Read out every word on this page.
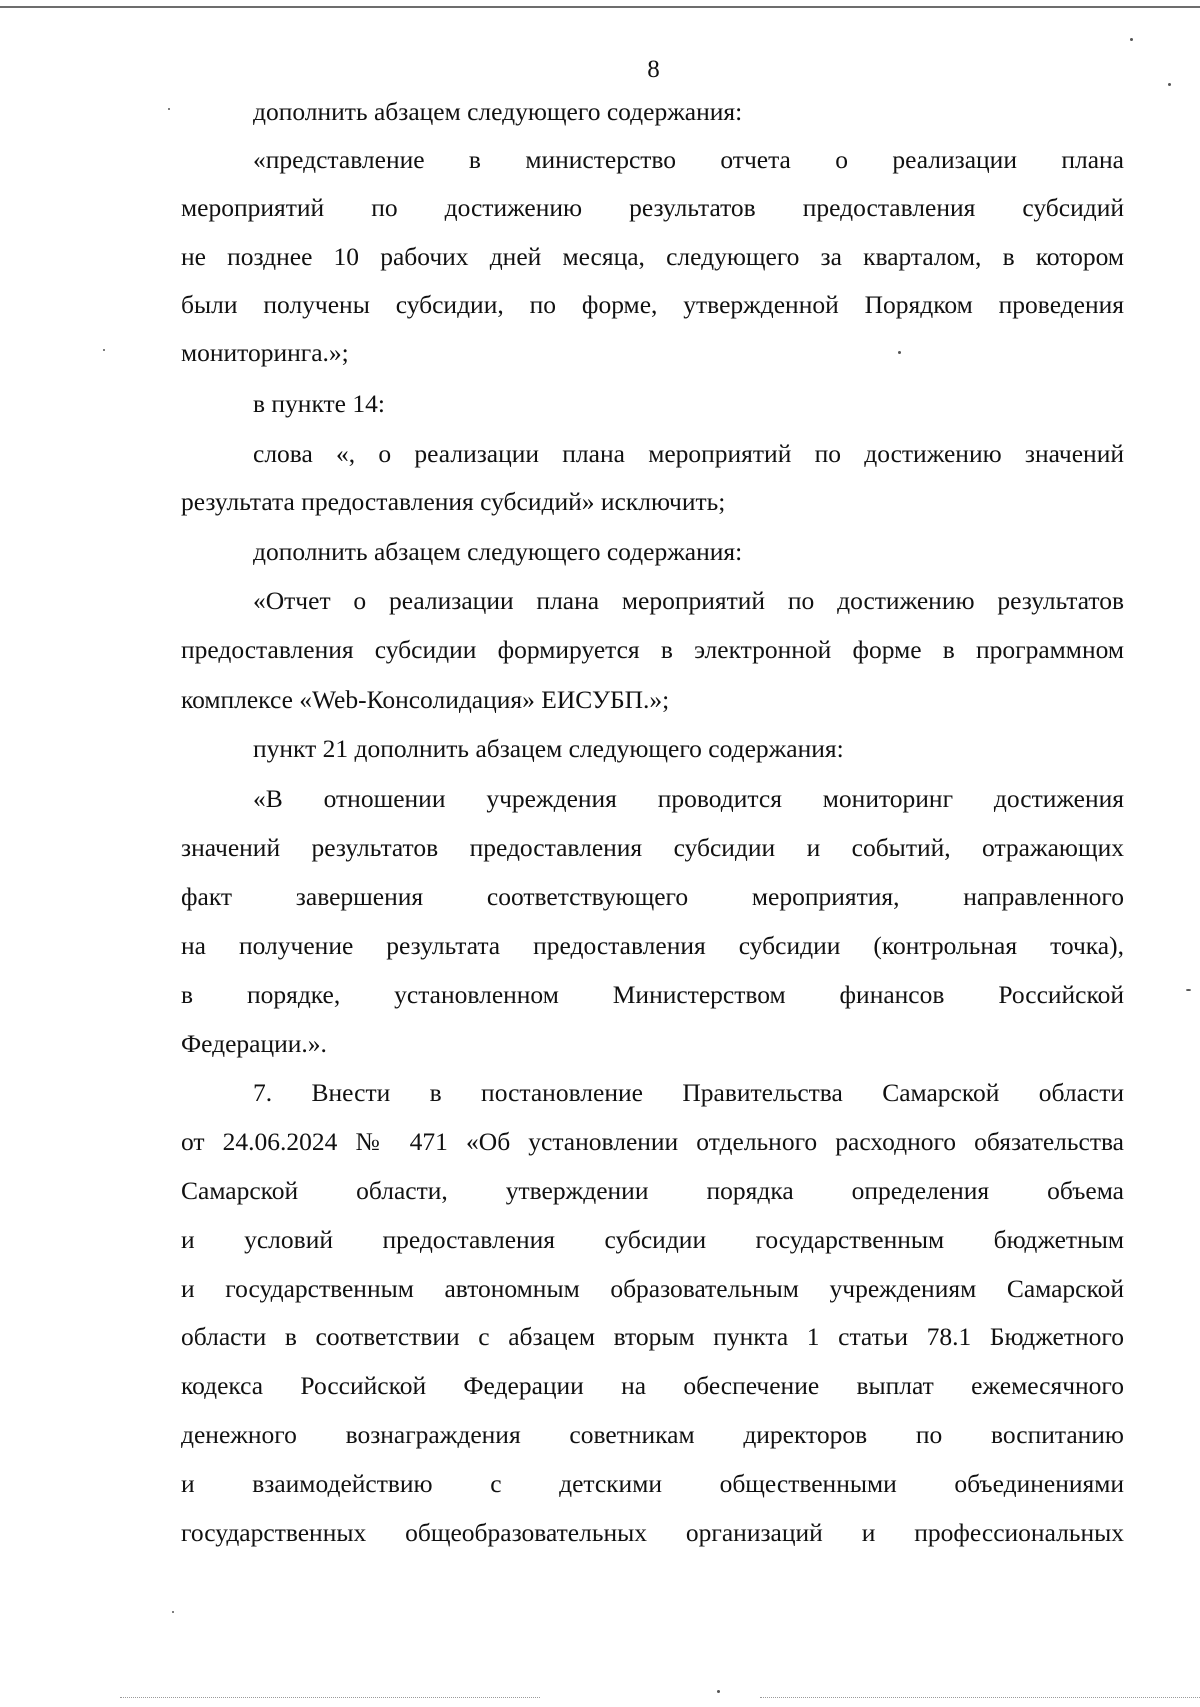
8
дополнить абзацем следующего содержания:
«представление в министерство отчета о реализации плана
мероприятий по достижению результатов предоставления субсидий
не позднее 10 рабочих дней месяца, следующего за кварталом, в котором
были получены субсидии, по форме, утвержденной Порядком проведения
мониторинга.»;
в пункте 14:
слова «, о реализации плана мероприятий по достижению значений
результата предоставления субсидий» исключить;
дополнить абзацем следующего содержания:
«Отчет о реализации плана мероприятий по достижению результатов
предоставления субсидии формируется в электронной форме в программном
комплексе «Web-Консолидация» ЕИСУБП.»;
пункт 21 дополнить абзацем следующего содержания:
«В отношении учреждения проводится мониторинг достижения
значений результатов предоставления субсидии и событий, отражающих
факт завершения соответствующего мероприятия, направленного
на получение результата предоставления субсидии (контрольная точка),
в порядке, установленном Министерством финансов Российской
Федерации.».
7. Внести в постановление Правительства Самарской области
от 24.06.2024 № 471 «Об установлении отдельного расходного обязательства
Самарской области, утверждении порядка определения объема
и условий предоставления субсидии государственным бюджетным
и государственным автономным образовательным учреждениям Самарской
области в соответствии с абзацем вторым пункта 1 статьи 78.1 Бюджетного
кодекса Российской Федерации на обеспечение выплат ежемесячного
денежного вознаграждения советникам директоров по воспитанию
и взаимодействию с детскими общественными объединениями
государственных общеобразовательных организаций и профессиональных
